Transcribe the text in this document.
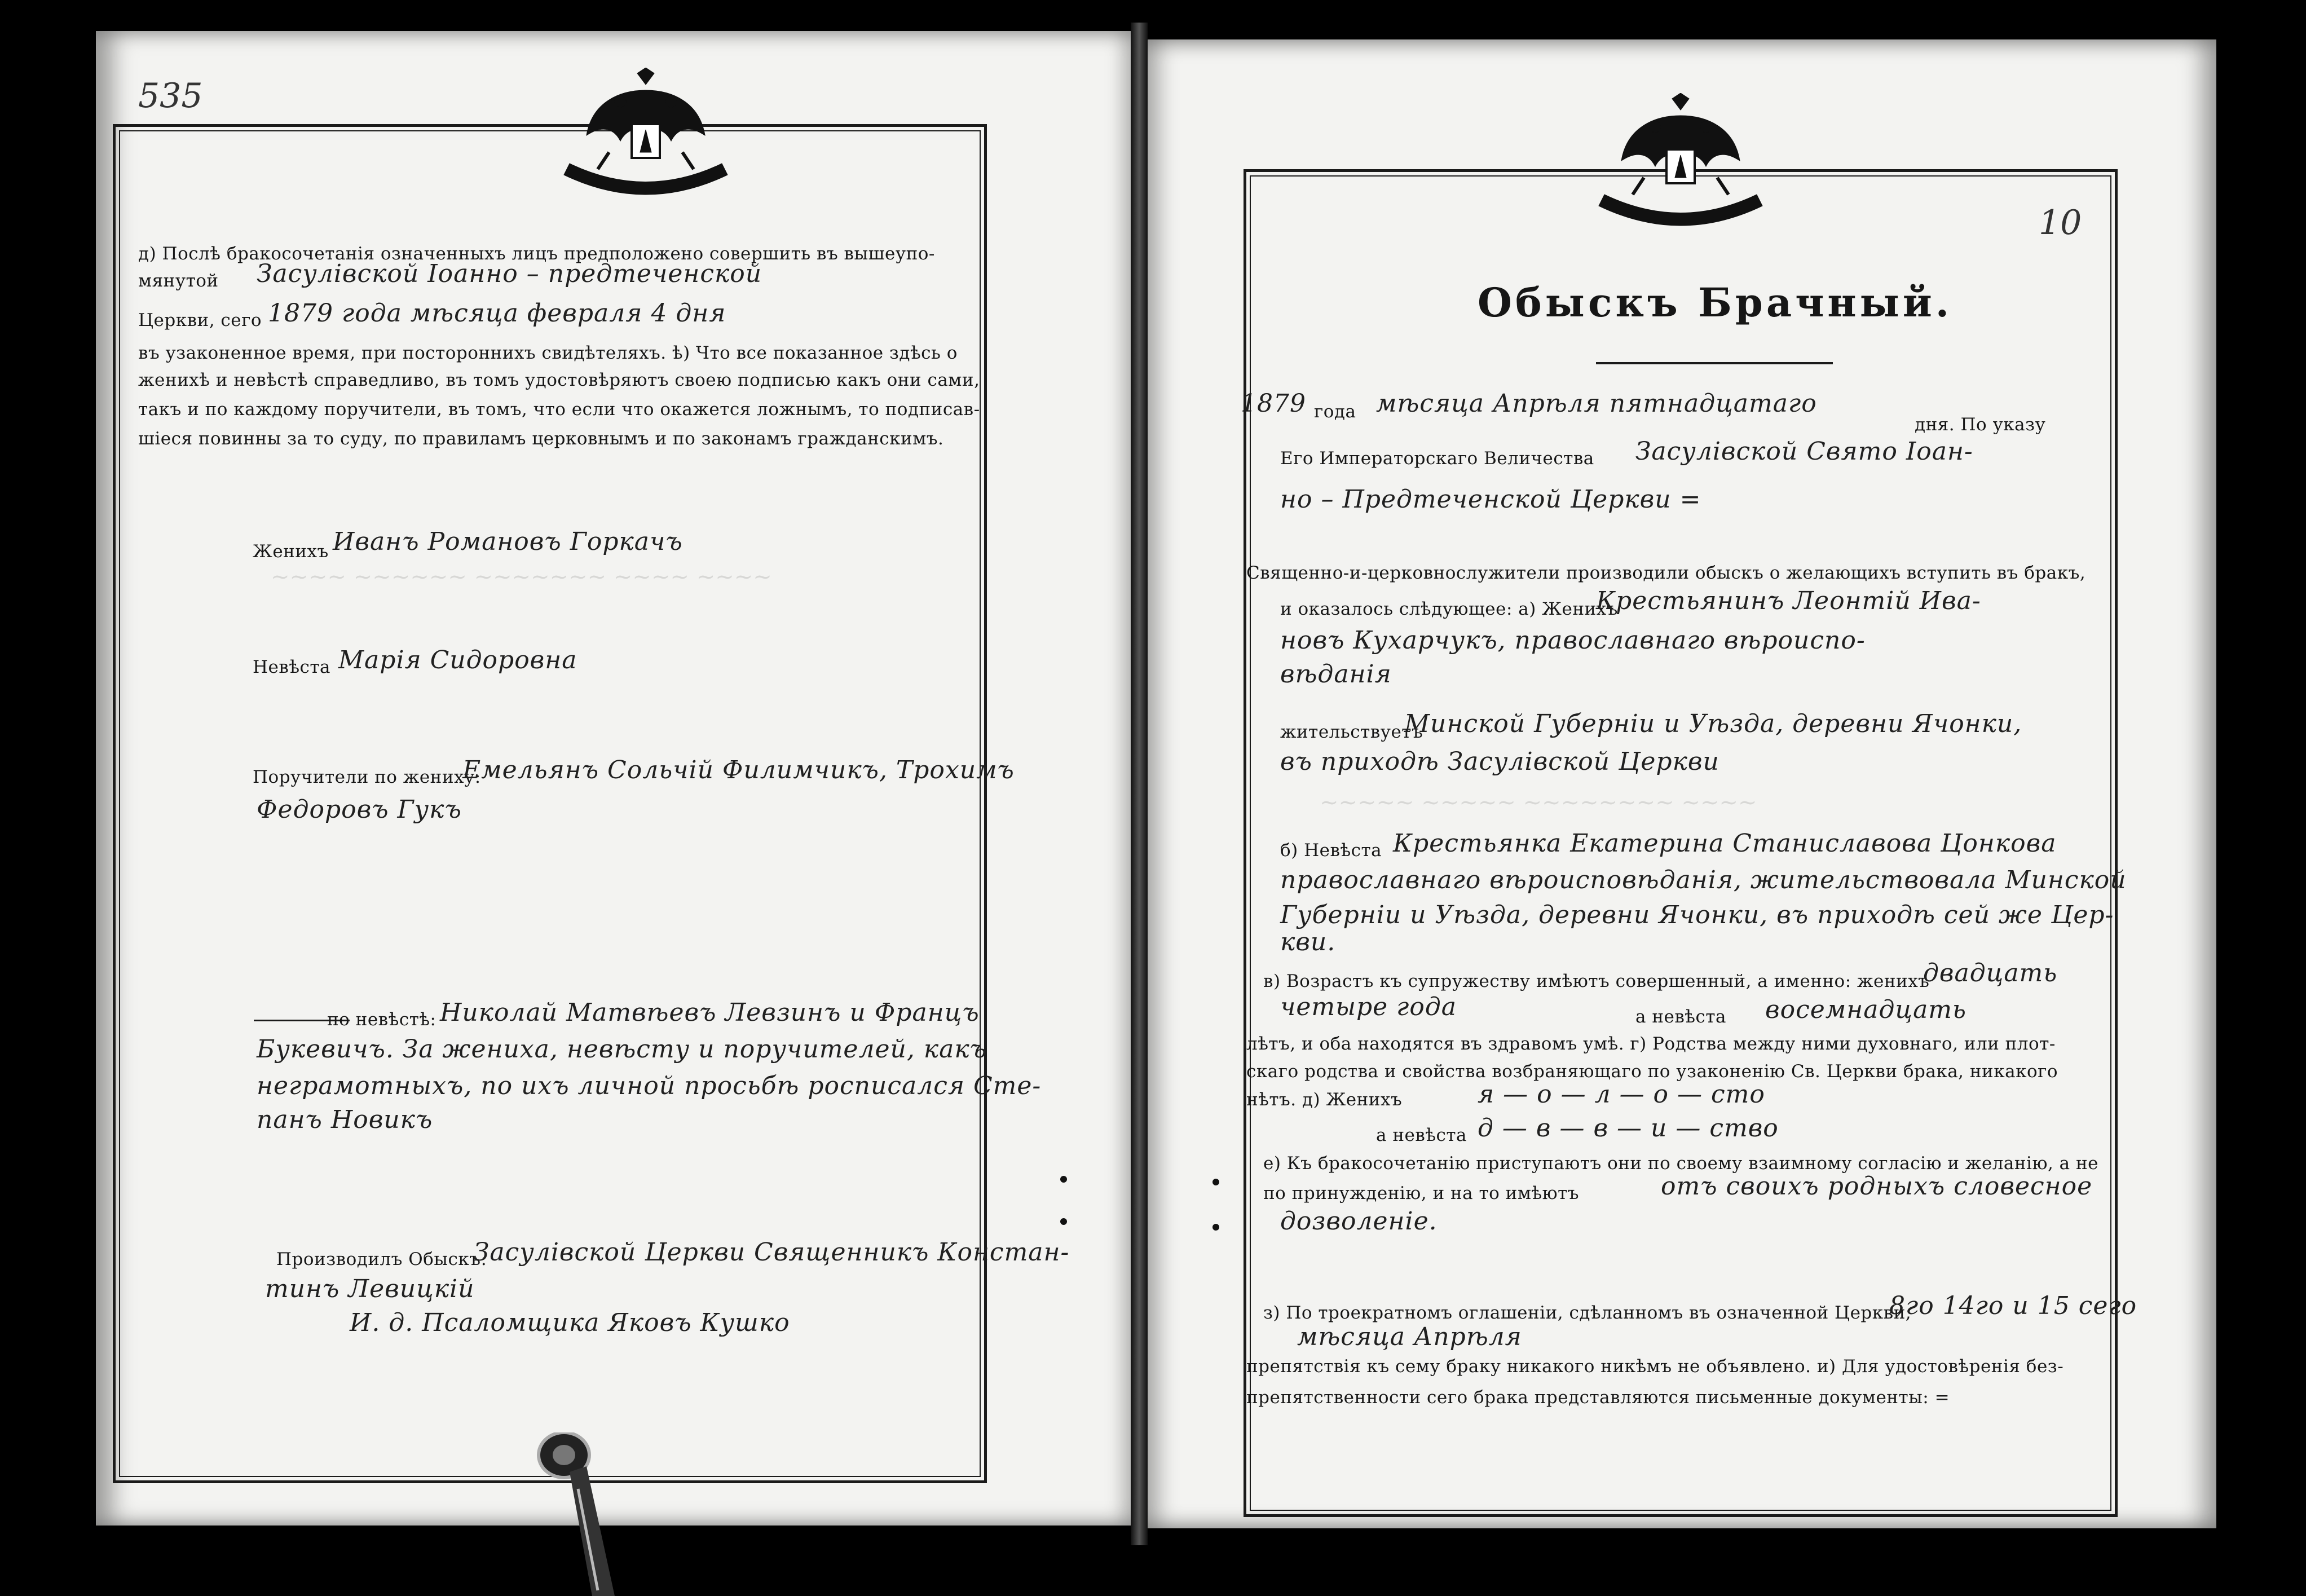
~~~~ ~~~~~~ ~~~~~~~ ~~~~ ~~~~
~~~~~ ~~~~~ ~~~~~~~~ ~~~~
535
д) Послѣ бракосочетанія означенныхъ лицъ предположено совершить въ вышеупо-
мянутой Засулівской Іоанно – предтеченской
Церкви, сего 1879 года мѣсяца февраля 4 дня
въ узаконенное время, при постороннихъ свидѣтеляхъ. ѣ) Что все показанное здѣсь о
женихѣ и невѣстѣ справедливо, въ томъ удостовѣряютъ своею подписью какъ они сами,
такъ и по каждому поручители, въ томъ, что если что окажется ложнымъ, то подписав-
шіеся повинны за то суду, по правиламъ церковнымъ и по законамъ гражданскимъ.
Женихъ Иванъ Романовъ Горкачъ
Невѣста Марія Сидоровна
Поручители по жениху:
Емельянъ Сольчій Филимчикъ, Трохимъ
Федоровъ Гукъ
по невѣстѣ: Николай Матвѣевъ Левзинъ и Францъ
Букевичъ. За жениха, невѣсту и поручителей, какъ
неграмотныхъ, по ихъ личной просьбѣ росписался Сте-
панъ Новикъ
Производилъ Обыскъ:
Засулівской Церкви Священникъ Констан-
тинъ Левицкій
И. д. Псаломщика Яковъ Кушко
10
Обыскъ Брачный.
1879 года мѣсяца Апрѣля пятнадцатаго
дня. По указу
Его Императорскаго Величества Засулівской Свято Іоан-
но – Предтеченской Церкви =
Священно-и-церковнослужители производили обыскъ о желающихъ вступить въ бракъ,
и оказалось слѣдующее: а) Женихъ
Крестьянинъ Леонтій Ива-
новъ Кухарчукъ, православнаго вѣроиспо-
вѣданія
жительствуетъ
Минской Губерніи и Уѣзда, деревни Ячонки,
въ приходѣ Засулівской Церкви
б) Невѣста Крестьянка Екатерина Станиславова Цонкова
православнаго вѣроисповѣданія, жительствовала Минской
Губерніи и Уѣзда, деревни Ячонки, въ приходѣ сей же Цер-
кви.
в) Возрастъ къ супружеству имѣютъ совершенный, а именно: женихъ
двадцать
четыре года	а невѣста восемнадцать
лѣтъ, и оба находятся въ здравомъ умѣ. г) Родства между ними духовнаго, или плот-
скаго родства и свойства возбраняющаго по узаконенію Св. Церкви брака, никакого
нѣтъ. д) Женихъ	я — о — л — о — сто
а невѣста д — в — в — и — ство
е) Къ бракосочетанію приступаютъ они по своему взаимному согласію и желанію, а не
по принужденію, и на то имѣютъ	отъ своихъ родныхъ словесное
дозволеніе.
з) По троекратномъ оглашеніи, сдѣланномъ въ означенной Церкви,
8го 14го и 15 сего
мѣсяца Апрѣля
препятствія къ сему браку никакого никѣмъ не объявлено. и) Для удостовѣренія без-
препятственности сего брака представляются письменные документы: =
